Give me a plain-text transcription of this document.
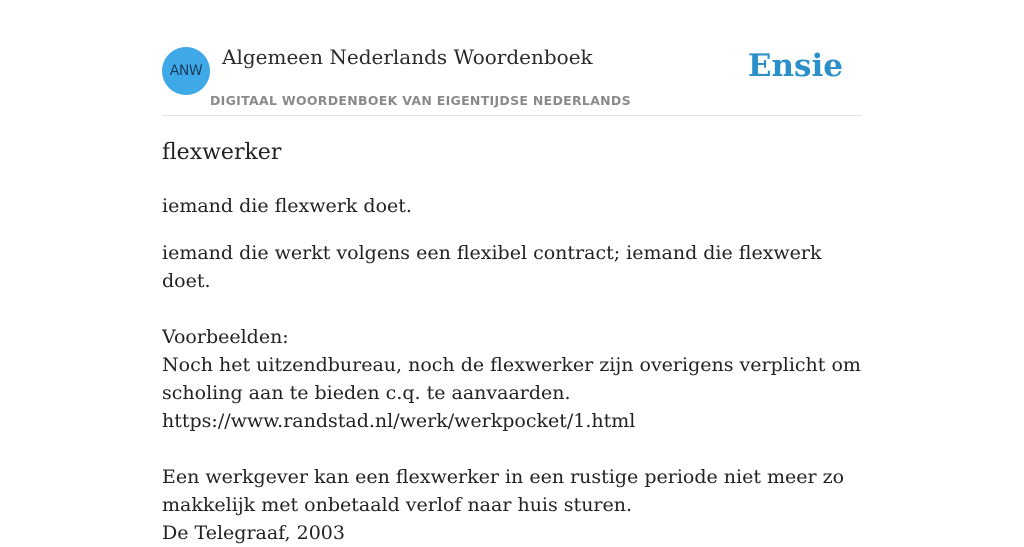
ANW
Algemeen Nederlands Woordenboek
DIGITAAL WOORDENBOEK VAN EIGENTIJDSE NEDERLANDS
Ensie
flexwerker

iemand die flexwerk doet.

iemand die werkt volgens een flexibel contract; iemand die flexwerk doet.

Voorbeelden:

Noch het uitzendbureau, noch de flexwerker zijn overigens verplicht om scholing aan te bieden c.q. te aanvaarden.

https://www.randstad.nl/werk/werkpocket/1.html

Een werkgever kan een flexwerker in een rustige periode niet meer zo makkelijk met onbetaald verlof naar huis sturen.

De Telegraaf, 2003
